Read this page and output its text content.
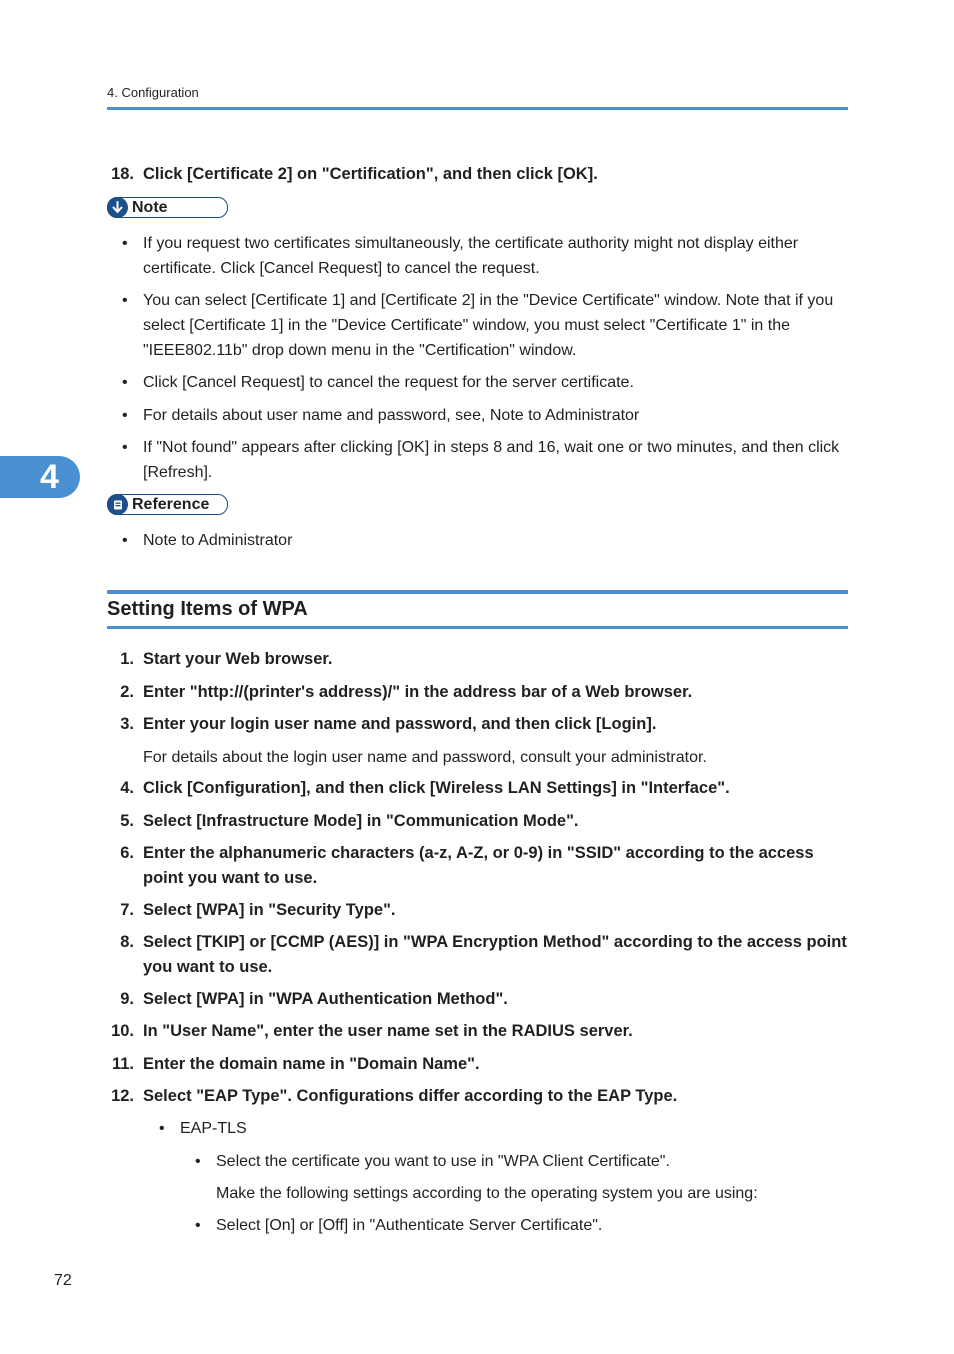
4. Configuration
18. Click [Certificate 2] on "Certification", and then click [OK].
Note
• If you request two certificates simultaneously, the certificate authority might not display either certificate. Click [Cancel Request] to cancel the request.
• You can select [Certificate 1] and [Certificate 2] in the "Device Certificate" window. Note that if you select [Certificate 1] in the "Device Certificate" window, you must select "Certificate 1" in the "IEEE802.11b" drop down menu in the "Certification" window.
• Click [Cancel Request] to cancel the request for the server certificate.
• For details about user name and password, see, Note to Administrator
• If "Not found" appears after clicking [OK] in steps 8 and 16, wait one or two minutes, and then click [Refresh].
4
Reference
• Note to Administrator
Setting Items of WPA
1. Start your Web browser.
2. Enter "http://(printer's address)/" in the address bar of a Web browser.
3. Enter your login user name and password, and then click [Login].
For details about the login user name and password, consult your administrator.
4. Click [Configuration], and then click [Wireless LAN Settings] in "Interface".
5. Select [Infrastructure Mode] in "Communication Mode".
6. Enter the alphanumeric characters (a-z, A-Z, or 0-9) in "SSID" according to the access point you want to use.
7. Select [WPA] in "Security Type".
8. Select [TKIP] or [CCMP (AES)] in "WPA Encryption Method" according to the access point you want to use.
9. Select [WPA] in "WPA Authentication Method".
10. In "User Name", enter the user name set in the RADIUS server.
11. Enter the domain name in "Domain Name".
12. Select "EAP Type". Configurations differ according to the EAP Type.
• EAP-TLS
• Select the certificate you want to use in "WPA Client Certificate".
Make the following settings according to the operating system you are using:
• Select [On] or [Off] in "Authenticate Server Certificate".
72
